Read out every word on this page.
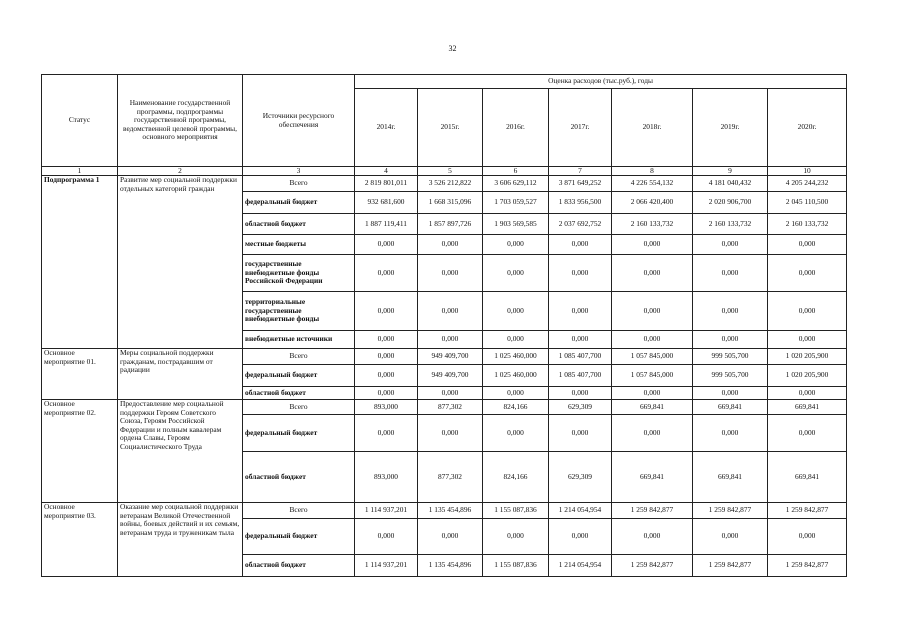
32
Статус	Наименование государственной программы, подпрограммы государственной программы, ведомственной целевой программы, основного мероприятия	Источники ресурсного обеспечения	Оценка расходов (тыс.руб.), годы						
			2014г.	2015г.	2016г.	2017г.	2018г.	2019г.	2020г.
1	2	3	4	5	6	7	8	9	10
Подпрограмма 1	Развитие мер социальной поддержки отдельных категорий граждан	Всего	2 819 801,011	3 526 212,822	3 606 629,112	3 871 649,252	4 226 554,132	4 181 040,432	4 205 244,232
		федеральный бюджет	932 681,600	1 668 315,096	1 703 059,527	1 833 956,500	2 066 420,400	2 020 906,700	2 045 110,500
		областной бюджет	1 887 119,411	1 857 897,726	1 903 569,585	2 037 692,752	2 160 133,732	2 160 133,732	2 160 133,732
		местные бюджеты	0,000	0,000	0,000	0,000	0,000	0,000	0,000
		государственные внебюджетные фонды Российской Федерации	0,000	0,000	0,000	0,000	0,000	0,000	0,000
		территориальные государственные внебюджетные фонды	0,000	0,000	0,000	0,000	0,000	0,000	0,000
		внебюджетные источники	0,000	0,000	0,000	0,000	0,000	0,000	0,000
Основное мероприятие 01.	Меры социальной поддержки гражданам, пострадавшим от радиации	Всего	0,000	949 409,700	1 025 460,000	1 085 407,700	1 057 845,000	999 505,700	1 020 205,900
		федеральный бюджет	0,000	949 409,700	1 025 460,000	1 085 407,700	1 057 845,000	999 505,700	1 020 205,900
		областной бюджет	0,000	0,000	0,000	0,000	0,000	0,000	0,000
Основное мероприятие 02.	Предоставление мер социальной поддержки Героям Советского Союза, Героям Российской Федерации и полным кавалерам ордена Славы, Героям Социалистического Труда	Всего	893,000	877,302	824,166	629,309	669,841	669,841	669,841
		федеральный бюджет	0,000	0,000	0,000	0,000	0,000	0,000	0,000
		областной бюджет	893,000	877,302	824,166	629,309	669,841	669,841	669,841
Основное мероприятие 03.	Оказание мер социальной поддержки ветеранам Великой Отечественной войны, боевых действий и их семьям, ветеранам труда и труженикам тыла	Всего	1 114 937,201	1 135 454,896	1 155 087,836	1 214 054,954	1 259 842,877	1 259 842,877	1 259 842,877
		федеральный бюджет	0,000	0,000	0,000	0,000	0,000	0,000	0,000
		областной бюджет	1 114 937,201	1 135 454,896	1 155 087,836	1 214 054,954	1 259 842,877	1 259 842,877	1 259 842,877
